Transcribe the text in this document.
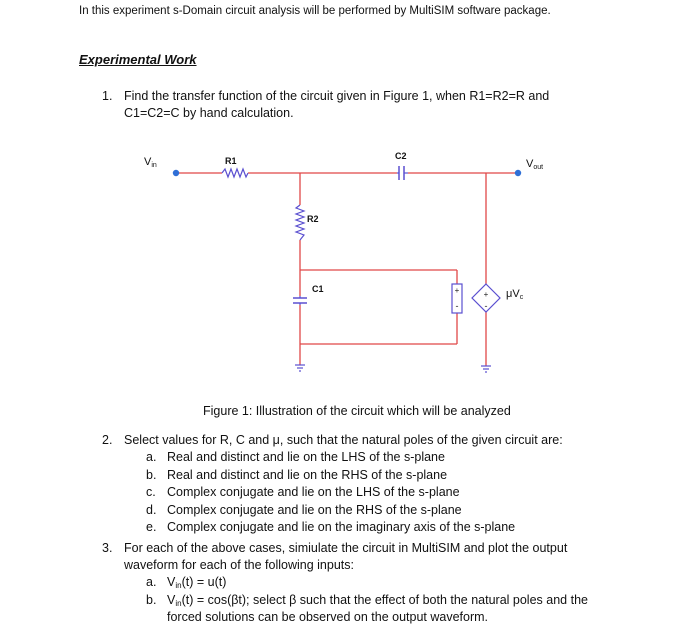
In this experiment s-Domain circuit analysis will be performed by MultiSIM software package.
Experimental Work
1. Find the transfer function of the circuit given in Figure 1, when R1=R2=R and
C1=C2=C by hand calculation.
+
-
+
-
Vin	Vout
R1	C2
R2
C1	μVc
Figure 1: Illustration of the circuit which will be analyzed
2. Select values for R, C and μ, such that the natural poles of the given circuit are:
a. Real and distinct and lie on the LHS of the s-plane
b. Real and distinct and lie on the RHS of the s-plane
c. Complex conjugate and lie on the LHS of the s-plane
d. Complex conjugate and lie on the RHS of the s-plane
e. Complex conjugate and lie on the imaginary axis of the s-plane
3. For each of the above cases, simiulate the circuit in MultiSIM and plot the output
waveform for each of the following inputs:
a. $V_{in}(t) = u(t)$
b. $V_{in}(t) = \cos(\beta t)$; select β such that the effect of both the natural poles and the
forced solutions can be observed on the output waveform.
